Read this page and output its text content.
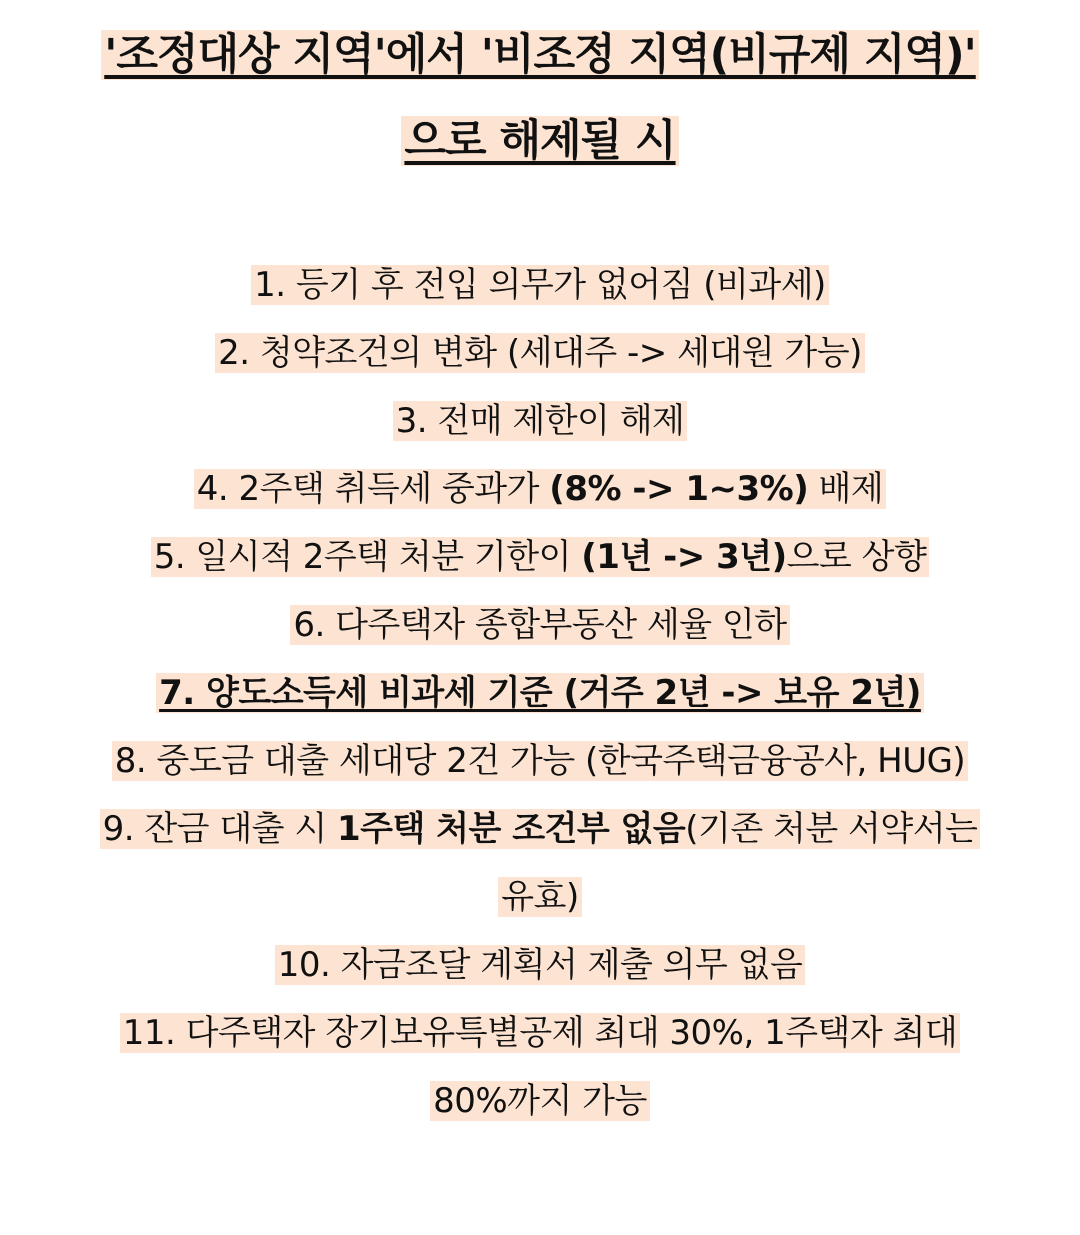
'조정대상 지역'에서 '비조정 지역(비규제 지역)' 으로 해제될 시
1. 등기 후 전입 의무가 없어짐 (비과세)
2. 청약조건의 변화 (세대주 -> 세대원 가능)
3. 전매 제한이 해제
4. 2주택 취득세 중과가 (8% -> 1~3%) 배제
5. 일시적 2주택 처분 기한이 (1년 -> 3년)으로 상향
6. 다주택자 종합부동산 세율 인하
7. 양도소득세 비과세 기준 (거주 2년 -> 보유 2년)
8. 중도금 대출 세대당 2건 가능 (한국주택금융공사, HUG)
9. 잔금 대출 시 1주택 처분 조건부 없음(기존 처분 서약서는 유효)
10. 자금조달 계획서 제출 의무 없음
11. 다주택자 장기보유특별공제 최대 30%, 1주택자 최대 80%까지 가능
